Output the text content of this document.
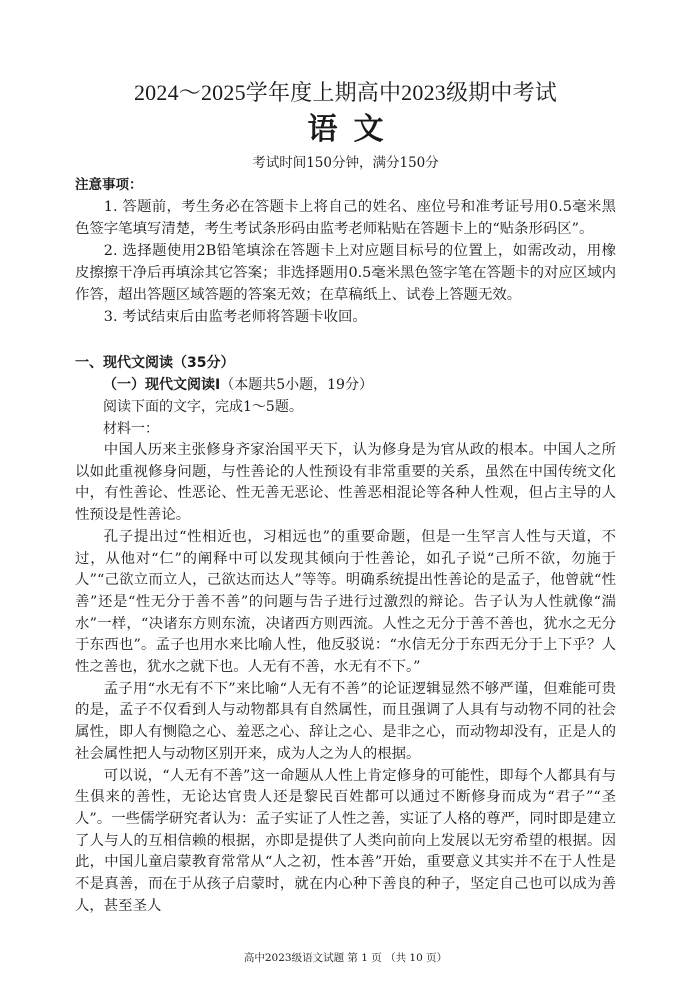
2024～2025学年度上期高中2023级期中考试
语 文
考试时间150分钟，满分150分
注意事项：

1. 答题前，考生务必在答题卡上将自己的姓名、座位号和准考证号用0.5毫米黑色签字笔填写清楚，考生考试条形码由监考老师粘贴在答题卡上的“贴条形码区”。

2. 选择题使用2B铅笔填涂在答题卡上对应题目标号的位置上，如需改动，用橡皮擦擦干净后再填涂其它答案；非选择题用0.5毫米黑色签字笔在答题卡的对应区域内作答，超出答题区域答题的答案无效；在草稿纸上、试卷上答题无效。

3. 考试结束后由监考老师将答题卡收回。

一、现代文阅读（35分）
（一）现代文阅读Ⅰ（本题共5小题，19分）
阅读下面的文字，完成1～5题。
材料一：

中国人历来主张修身齐家治国平天下，认为修身是为官从政的根本。中国人之所以如此重视修身问题，与性善论的人性预设有非常重要的关系，虽然在中国传统文化中，有性善论、性恶论、性无善无恶论、性善恶相混论等各种人性观，但占主导的人性预设是性善论。

孔子提出过“性相近也，习相远也”的重要命题，但是一生罕言人性与天道，不过，从他对“仁”的阐释中可以发现其倾向于性善论，如孔子说“己所不欲，勿施于人”“己欲立而立人，己欲达而达人”等等。明确系统提出性善论的是孟子，他曾就“性善”还是“性无分于善不善”的问题与告子进行过激烈的辩论。告子认为人性就像“湍水”一样，“决诸东方则东流，决诸西方则西流。人性之无分于善不善也，犹水之无分于东西也”。孟子也用水来比喻人性，他反驳说：“水信无分于东西无分于上下乎？人性之善也，犹水之就下也。人无有不善，水无有不下。”

孟子用“水无有不下”来比喻“人无有不善”的论证逻辑显然不够严谨，但难能可贵的是，孟子不仅看到人与动物都具有自然属性，而且强调了人具有与动物不同的社会属性，即人有恻隐之心、羞恶之心、辞让之心、是非之心，而动物却没有，正是人的社会属性把人与动物区别开来，成为人之为人的根据。

可以说，“人无有不善”这一命题从人性上肯定修身的可能性，即每个人都具有与生俱来的善性，无论达官贵人还是黎民百姓都可以通过不断修身而成为“君子”“圣人”。一些儒学研究者认为：孟子实证了人性之善，实证了人格的尊严，同时即是建立了人与人的互相信赖的根据，亦即是提供了人类向前向上发展以无穷希望的根据。因此，中国儿童启蒙教育常常从“人之初，性本善”开始，重要意义其实并不在于人性是不是真善，而在于从孩子启蒙时，就在内心种下善良的种子，坚定自己也可以成为善人，甚至圣人

高中2023级语文试题 第 1 页 （共 10 页）
